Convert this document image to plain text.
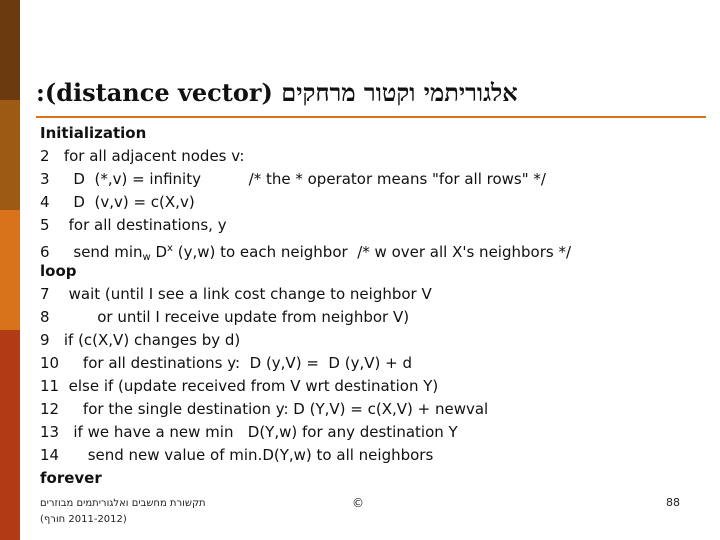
:(distance vector) אלגוריתמי וקטור מרחקים
Initialization
2   for all adjacent nodes v:
3     D  (*,v) = infinity          /* the * operator means "for all rows" */
4     D  (v,v) = c(X,v)
5    for all destinations, y
6     send $\min_w D^x$ (y,w) to each neighbor  /* w over all X's neighbors */
loop
7    wait (until I see a link cost change to neighbor V
8          or until I receive update from neighbor V)
9   if (c(X,V) changes by d)
10     for all destinations y:  D (y,V) =  D (y,V) + d
11  else if (update received from V wrt destination Y)
12     for the single destination y: D (Y,V) = c(X,V) + newval
13   if we have a new min   D(Y,w) for any destination Y
14      send new value of min.D(Y,w) to all neighbors
forever
תקשורת מחשבים ואלגוריתמים מבוזרים
(2011-2012 חורף)
©	88
